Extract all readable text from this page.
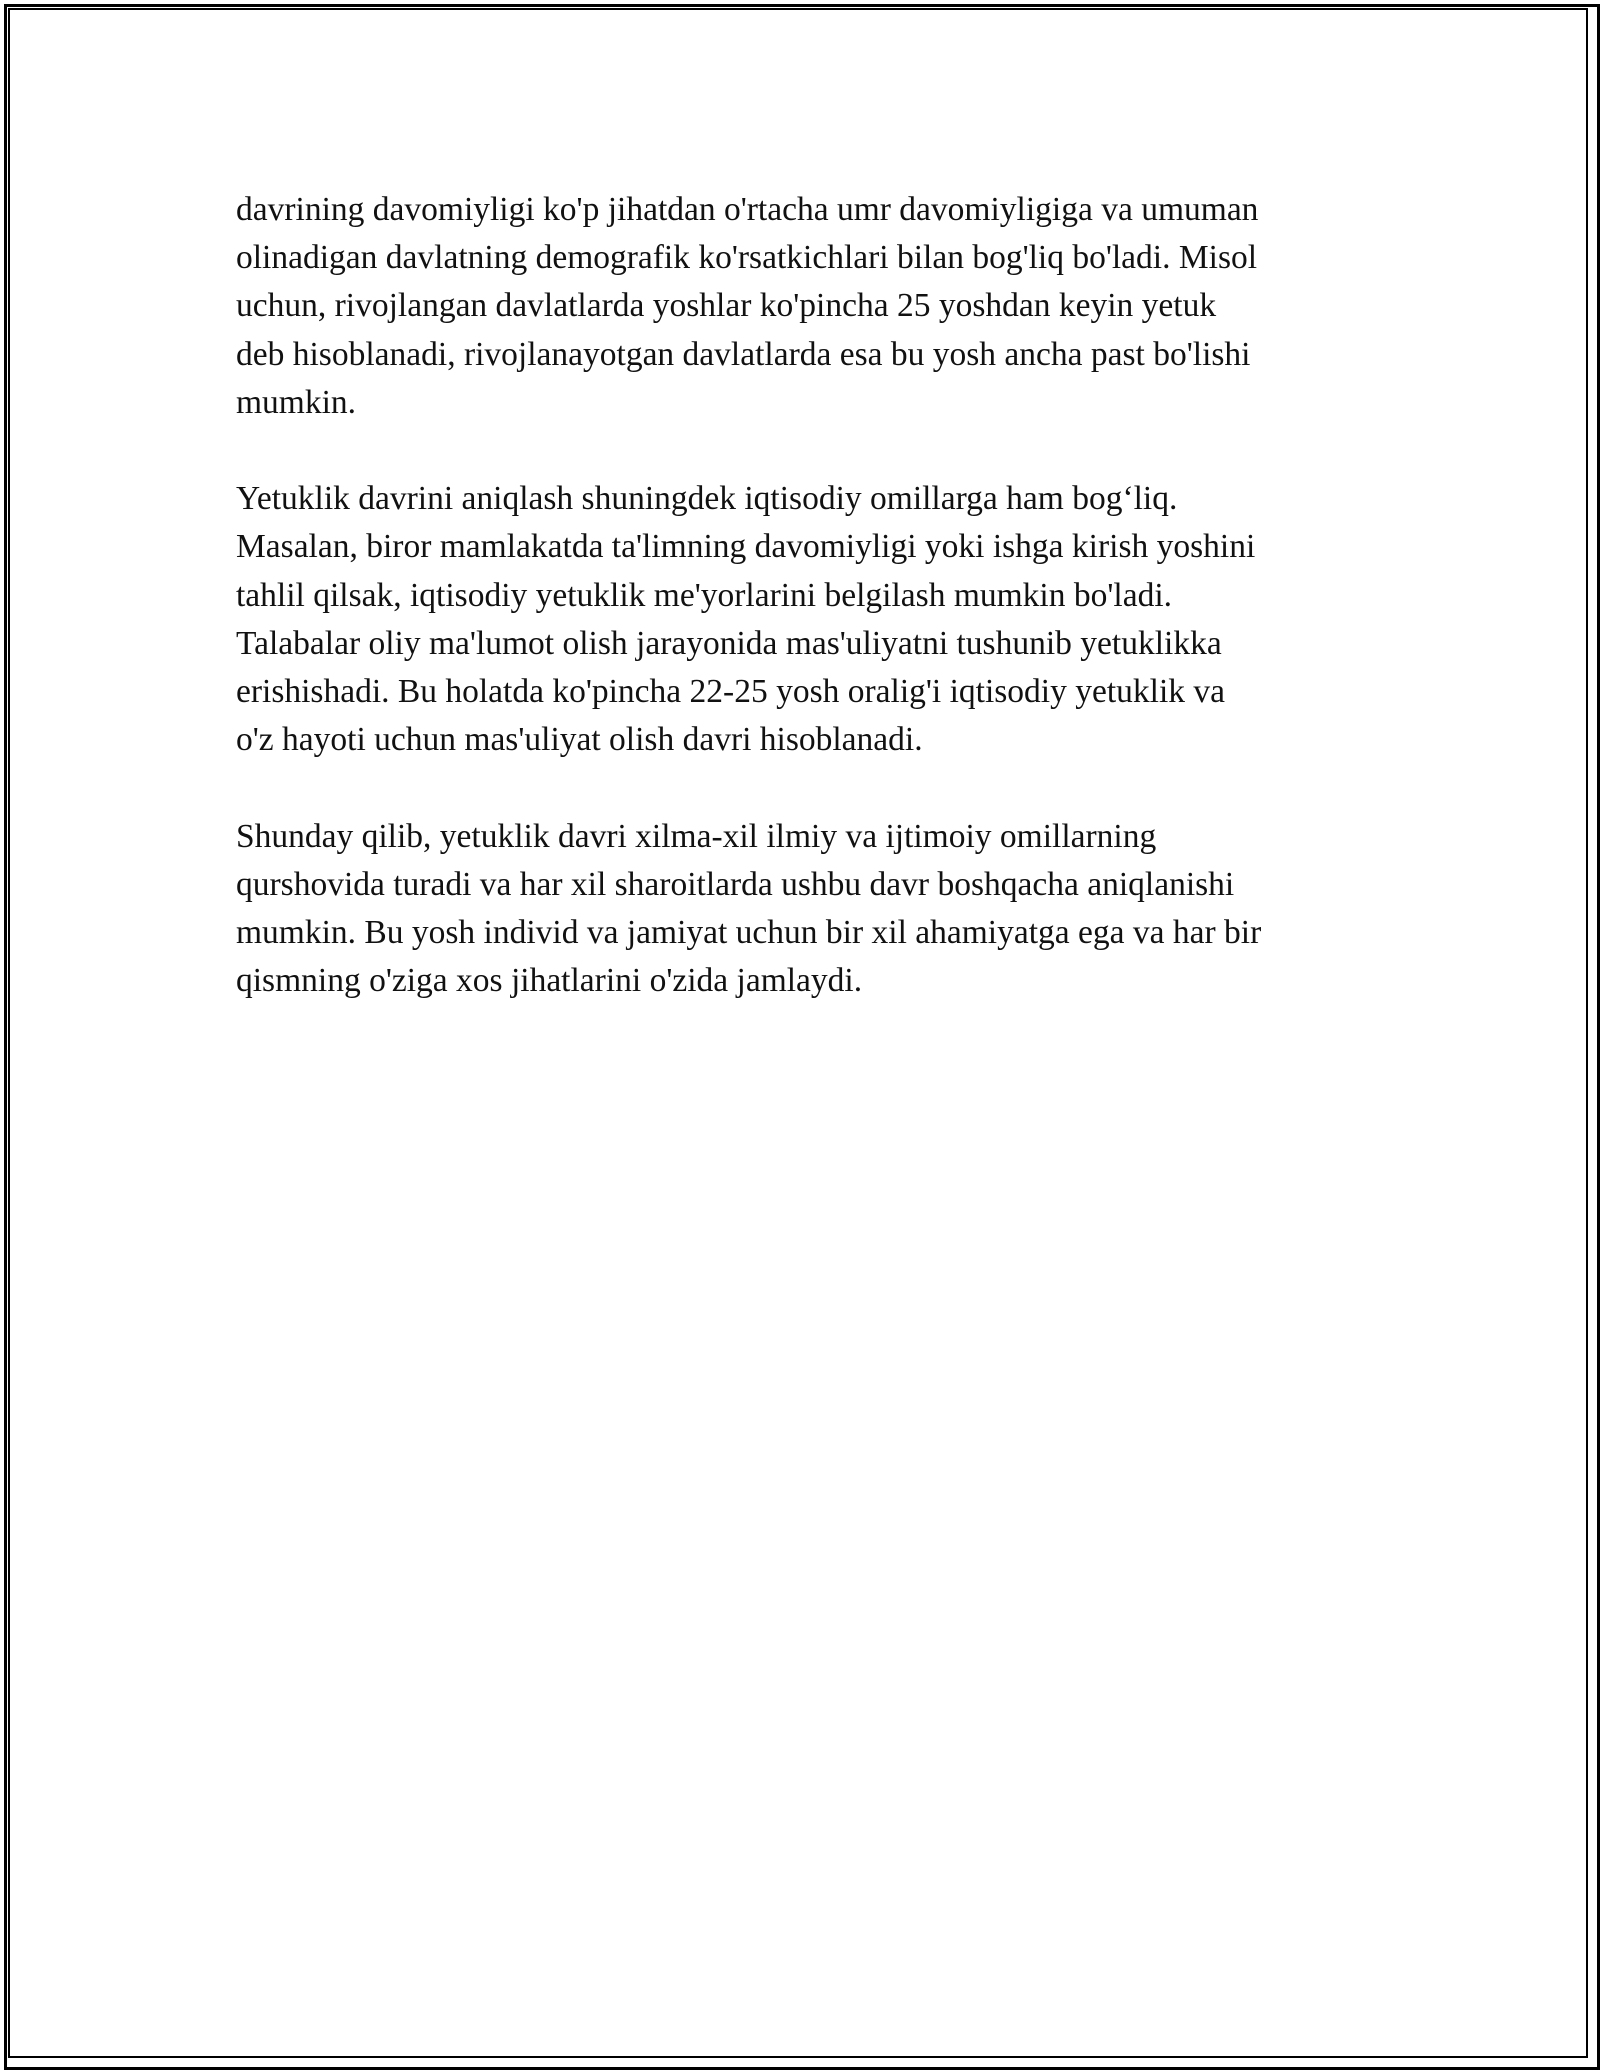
davrining davomiyligi ko'p jihatdan o'rtacha umr davomiyligiga va umuman
olinadigan davlatning demografik ko'rsatkichlari bilan bog'liq bo'ladi. Misol
uchun, rivojlangan davlatlarda yoshlar ko'pincha 25 yoshdan keyin yetuk
deb hisoblanadi, rivojlanayotgan davlatlarda esa bu yosh ancha past bo'lishi
mumkin.

Yetuklik davrini aniqlash shuningdek iqtisodiy omillarga ham bog‘liq.
Masalan, biror mamlakatda ta'limning davomiyligi yoki ishga kirish yoshini
tahlil qilsak, iqtisodiy yetuklik me'yorlarini belgilash mumkin bo'ladi.
Talabalar oliy ma'lumot olish jarayonida mas'uliyatni tushunib yetuklikka
erishishadi. Bu holatda ko'pincha 22-25 yosh oralig'i iqtisodiy yetuklik va
o'z hayoti uchun mas'uliyat olish davri hisoblanadi.

Shunday qilib, yetuklik davri xilma-xil ilmiy va ijtimoiy omillarning
qurshovida turadi va har xil sharoitlarda ushbu davr boshqacha aniqlanishi
mumkin. Bu yosh individ va jamiyat uchun bir xil ahamiyatga ega va har bir
qismning o'ziga xos jihatlarini o'zida jamlaydi.
